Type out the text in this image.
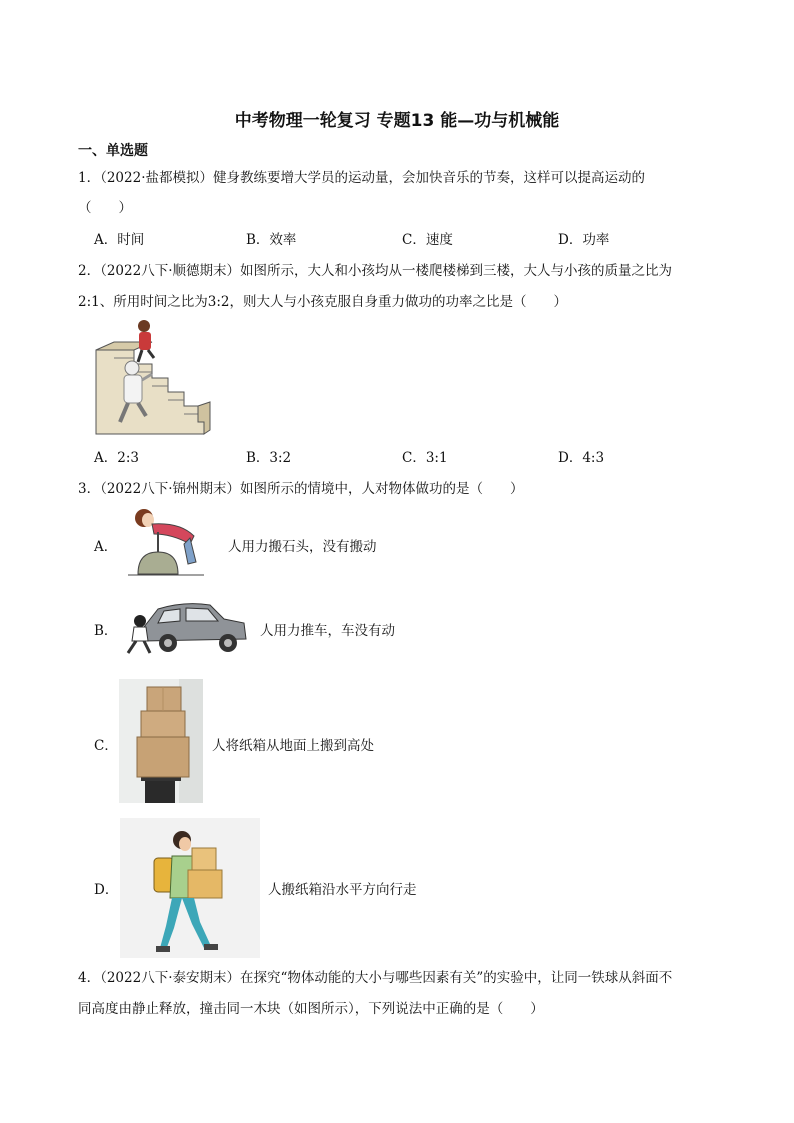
中考物理一轮复习 专题13 能—功与机械能
一、单选题
1．（2022·盐都模拟）健身教练要增大学员的运动量，会加快音乐的节奏，这样可以提高运动的
（　　）
A．时间	B．效率	C．速度	D．功率
2．（2022八下·顺德期末）如图所示，大人和小孩均从一楼爬楼梯到三楼，大人与小孩的质量之比为
2:1、所用时间之比为3:2，则大人与小孩克服自身重力做功的功率之比是（　　）
A．2:3	B．3:2	C．3:1	D．4:3
3．（2022八下·锦州期末）如图所示的情境中，人对物体做功的是（　　）
A．	人用力搬石头，没有搬动
B．	人用力推车，车没有动
C．	人将纸箱从地面上搬到高处
D．	人搬纸箱沿水平方向行走
4．（2022八下·泰安期末）在探究“物体动能的大小与哪些因素有关”的实验中，让同一铁球从斜面不
同高度由静止释放，撞击同一木块（如图所示），下列说法中正确的是（　　）
